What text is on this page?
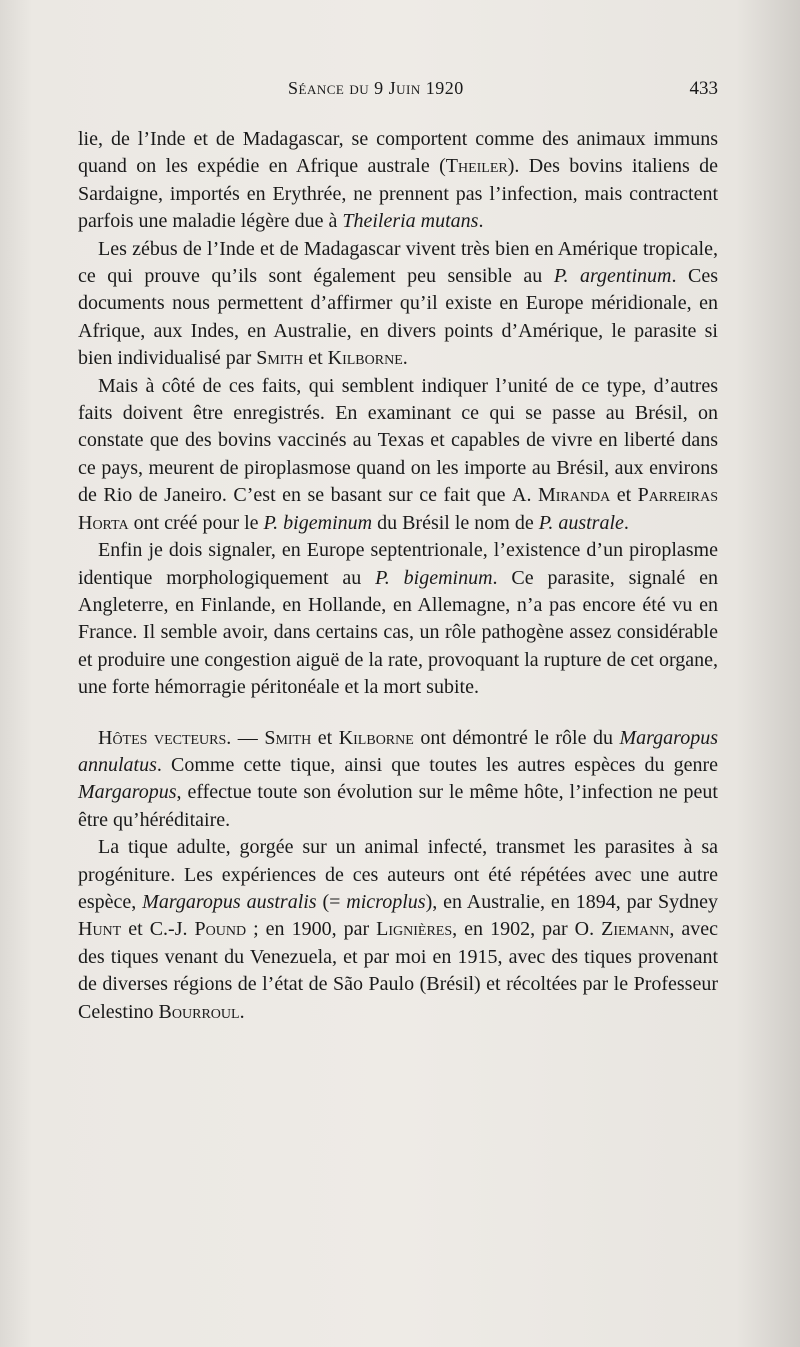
Séance du 9 Juin 1920	433

lie, de l’Inde et de Madagascar, se comportent comme des animaux immuns quand on les expédie en Afrique australe (Theiler). Des bovins italiens de Sardaigne, importés en Erythrée, ne prennent pas l’infection, mais contractent parfois une maladie légère due à Theileria mutans.

Les zébus de l’Inde et de Madagascar vivent très bien en Amérique tropicale, ce qui prouve qu’ils sont également peu sensible au P. argentinum. Ces documents nous permettent d’affirmer qu’il existe en Europe méridionale, en Afrique, aux Indes, en Australie, en divers points d’Amérique, le parasite si bien individualisé par Smith et Kilborne.

Mais à côté de ces faits, qui semblent indiquer l’unité de ce type, d’autres faits doivent être enregistrés. En examinant ce qui se passe au Brésil, on constate que des bovins vaccinés au Texas et capables de vivre en liberté dans ce pays, meurent de piroplasmose quand on les importe au Brésil, aux environs de Rio de Janeiro. C’est en se basant sur ce fait que A. Miranda et Parreiras Horta ont créé pour le P. bigeminum du Brésil le nom de P. australe.

Enfin je dois signaler, en Europe septentrionale, l’existence d’un piroplasme identique morphologiquement au P. bigeminum. Ce parasite, signalé en Angleterre, en Finlande, en Hollande, en Allemagne, n’a pas encore été vu en France. Il semble avoir, dans certains cas, un rôle pathogène assez considérable et produire une congestion aiguë de la rate, provoquant la rupture de cet organe, une forte hémorragie péritonéale et la mort subite.

Hôtes vecteurs. — Smith et Kilborne ont démontré le rôle du Margaropus annulatus. Comme cette tique, ainsi que toutes les autres espèces du genre Margaropus, effectue toute son évolution sur le même hôte, l’infection ne peut être qu’héréditaire.

La tique adulte, gorgée sur un animal infecté, transmet les parasites à sa progéniture. Les expériences de ces auteurs ont été répétées avec une autre espèce, Margaropus australis (= microplus), en Australie, en 1894, par Sydney Hunt et C.-J. Pound ; en 1900, par Lignières, en 1902, par O. Ziemann, avec des tiques venant du Venezuela, et par moi en 1915, avec des tiques provenant de diverses régions de l’état de São Paulo (Brésil) et récoltées par le Professeur Celestino Bourroul.
